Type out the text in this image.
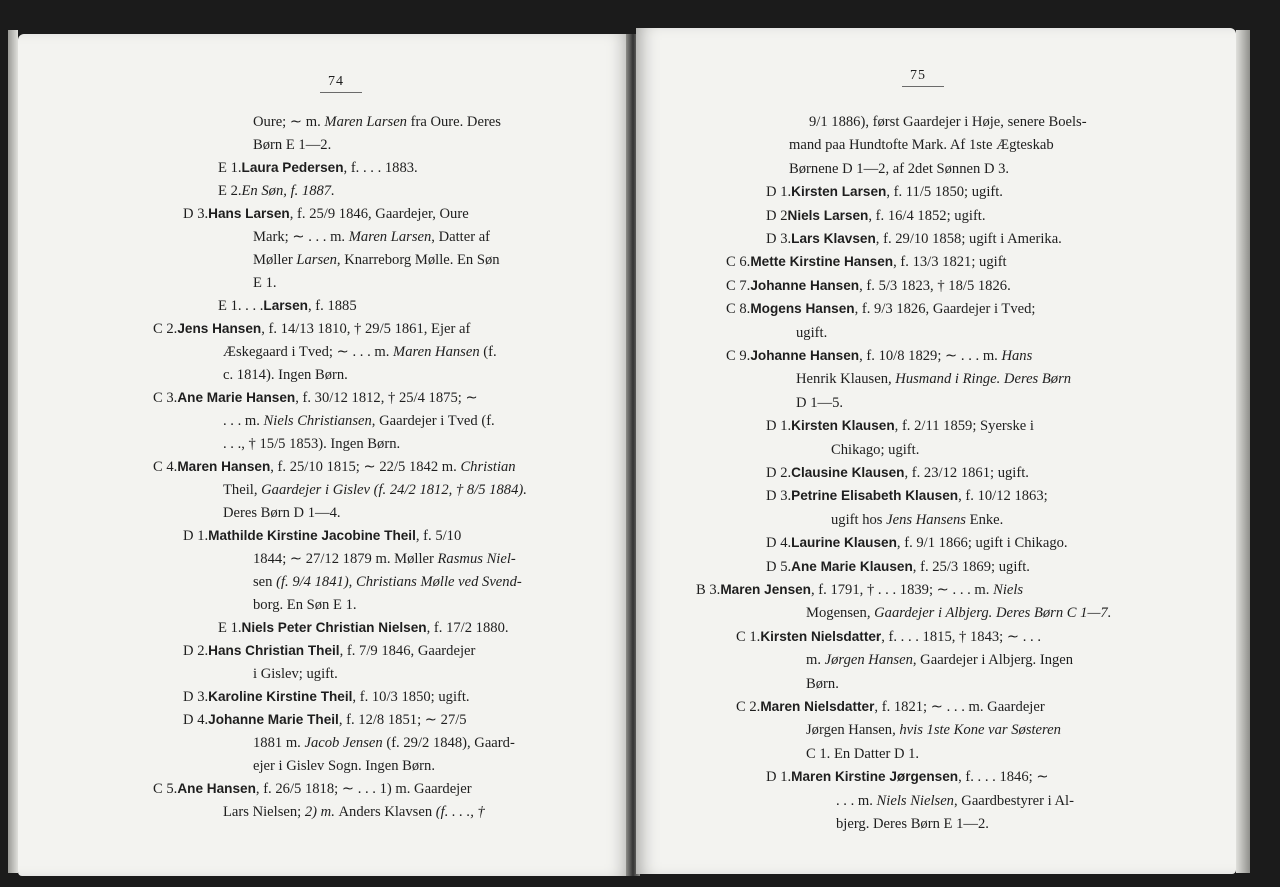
74
Oure; ∼ m. Maren Larsen fra Oure. Deres
Børn E 1—2.
E 1.Laura Pedersen, f. . . . 1883.
E 2.En Søn, f. 1887.
D 3.Hans Larsen, f. 25/9 1846, Gaardejer, Oure
Mark; ∼ . . . m. Maren Larsen, Datter af
Møller Larsen, Knarreborg Mølle. En Søn
E 1.
E 1. . . .Larsen, f. 1885
C 2.Jens Hansen, f. 14/13 1810, † 29/5 1861, Ejer af
Æskegaard i Tved; ∼ . . . m. Maren Hansen (f.
c. 1814). Ingen Børn.
C 3.Ane Marie Hansen, f. 30/12 1812, † 25/4 1875; ∼
. . . m. Niels Christiansen, Gaardejer i Tved (f.
. . ., † 15/5 1853). Ingen Børn.
C 4.Maren Hansen, f. 25/10 1815; ∼ 22/5 1842 m. Christian
Theil, Gaardejer i Gislev (f. 24/2 1812, † 8/5 1884).
Deres Børn D 1—4.
D 1.Mathilde Kirstine Jacobine Theil, f. 5/10
1844; ∼ 27/12 1879 m. Møller Rasmus Niel-
sen (f. 9/4 1841), Christians Mølle ved Svend-
borg. En Søn E 1.
E 1.Niels Peter Christian Nielsen, f. 17/2 1880.
D 2.Hans Christian Theil, f. 7/9 1846, Gaardejer
i Gislev; ugift.
D 3.Karoline Kirstine Theil, f. 10/3 1850; ugift.
D 4.Johanne Marie Theil, f. 12/8 1851; ∼ 27/5
1881 m. Jacob Jensen (f. 29/2 1848), Gaard-
ejer i Gislev Sogn. Ingen Børn.
C 5.Ane Hansen, f. 26/5 1818; ∼ . . . 1) m. Gaardejer
Lars Nielsen; 2) m. Anders Klavsen (f. . . ., †
75
9/1 1886), først Gaardejer i Høje, senere Boels-
mand paa Hundtofte Mark. Af 1ste Ægteskab
Børnene D 1—2, af 2det Sønnen D 3.
D 1.Kirsten Larsen, f. 11/5 1850; ugift.
D 2Niels Larsen, f. 16/4 1852; ugift.
D 3.Lars Klavsen, f. 29/10 1858; ugift i Amerika.
C 6.Mette Kirstine Hansen, f. 13/3 1821; ugift
C 7.Johanne Hansen, f. 5/3 1823, † 18/5 1826.
C 8.Mogens Hansen, f. 9/3 1826, Gaardejer i Tved;
ugift.
C 9.Johanne Hansen, f. 10/8 1829; ∼ . . . m. Hans
Henrik Klausen, Husmand i Ringe. Deres Børn
D 1—5.
D 1.Kirsten Klausen, f. 2/11 1859; Syerske i
Chikago; ugift.
D 2.Clausine Klausen, f. 23/12 1861; ugift.
D 3.Petrine Elisabeth Klausen, f. 10/12 1863;
ugift hos Jens Hansens Enke.
D 4.Laurine Klausen, f. 9/1 1866; ugift i Chikago.
D 5.Ane Marie Klausen, f. 25/3 1869; ugift.
B 3.Maren Jensen, f. 1791, † . . . 1839; ∼ . . . m. Niels
Mogensen, Gaardejer i Albjerg. Deres Børn C 1—7.
C 1.Kirsten Nielsdatter, f. . . . 1815, † 1843; ∼ . . .
m. Jørgen Hansen, Gaardejer i Albjerg. Ingen
Børn.
C 2.Maren Nielsdatter, f. 1821; ∼ . . . m. Gaardejer
Jørgen Hansen, hvis 1ste Kone var Søsteren
C 1. En Datter D 1.
D 1.Maren Kirstine Jørgensen, f. . . . 1846; ∼
. . . m. Niels Nielsen, Gaardbestyrer i Al-
bjerg. Deres Børn E 1—2.
